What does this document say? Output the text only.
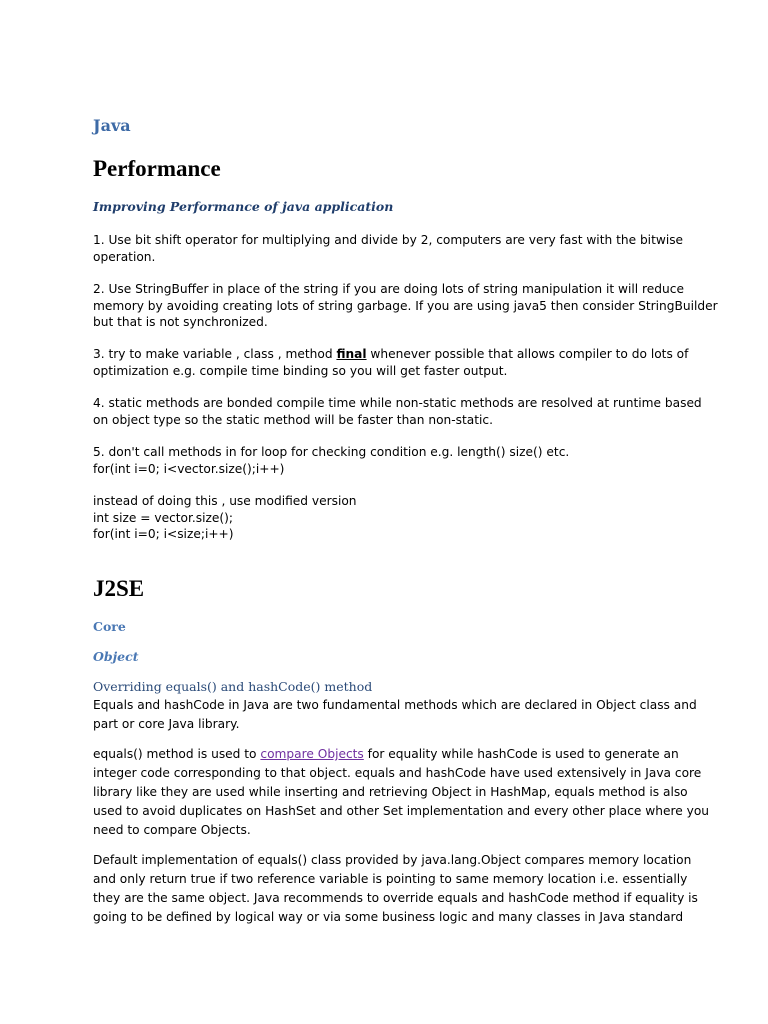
Java
Performance
Improving Performance of java application

1. Use bit shift operator for multiplying and divide by 2, computers are very fast with the bitwise
operation.

2. Use StringBuffer in place of the string if you are doing lots of string manipulation it will reduce
memory by avoiding creating lots of string garbage. If you are using java5 then consider StringBuilder
but that is not synchronized.

3. try to make variable , class , method final whenever possible that allows compiler to do lots of
optimization e.g. compile time binding so you will get faster output.

4. static methods are bonded compile time while non-static methods are resolved at runtime based
on object type so the static method will be faster than non-static.

5. don't call methods in for loop for checking condition e.g. length() size() etc.
for(int i=0; i<vector.size();i++)

instead of doing this , use modified version
int size = vector.size();
for(int i=0; i<size;i++)

J2SE
Core
Object
Overriding equals() and hashCode() method

Equals and hashCode in Java are two fundamental methods which are declared in Object class and
part or core Java library.

equals() method is used to compare Objects for equality while hashCode is used to generate an
integer code corresponding to that object. equals and hashCode have used extensively in Java core
library like they are used while inserting and retrieving Object in HashMap, equals method is also
used to avoid duplicates on HashSet and other Set implementation and every other place where you
need to compare Objects.

Default implementation of equals() class provided by java.lang.Object compares memory location
and only return true if two reference variable is pointing to same memory location i.e. essentially
they are the same object. Java recommends to override equals and hashCode method if equality is
going to be defined by logical way or via some business logic and many classes in Java standard
